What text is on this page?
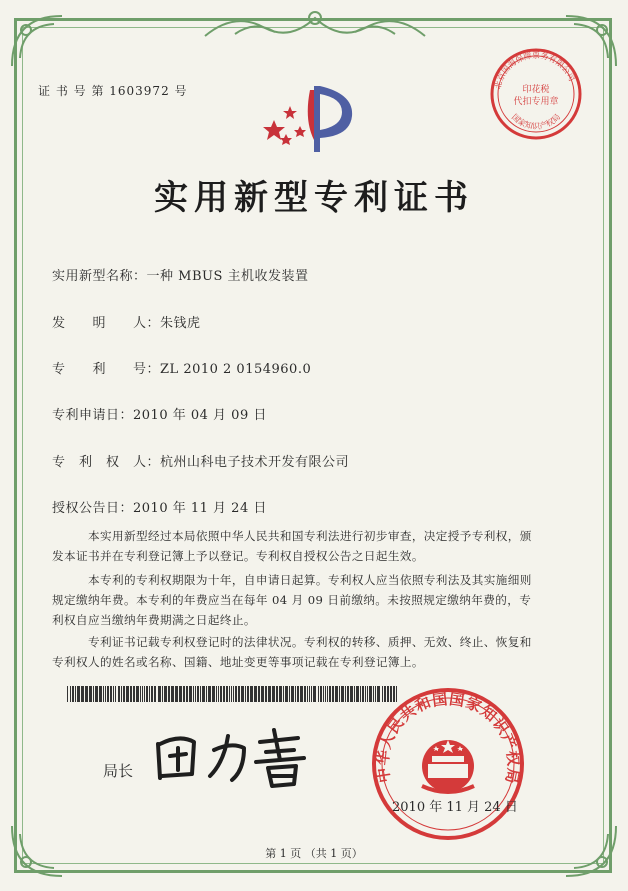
证 书 号 第 1603972 号	北京国海保障票务有限公司
印花税
代扣专用章
国家知识产权局
实用新型专利证书
实用新型名称：一种 MBUS 主机收发装置
发　　明　　人：朱钱虎
专　　利　　号：ZL 2010 2 0154960.0
专利申请日：2010 年 04 月 09 日
专　利　权　人：杭州山科电子技术开发有限公司
授权公告日：2010 年 11 月 24 日
　　　本实用新型经过本局依照中华人民共和国专利法进行初步审查，决定授予专利权，颁
发本证书并在专利登记簿上予以登记。专利权自授权公告之日起生效。
　　　本专利的专利权期限为十年，自申请日起算。专利权人应当依照专利法及其实施细则
规定缴纳年费。本专利的年费应当在每年 04 月 09 日前缴纳。未按照规定缴纳年费的，专
利权自应当缴纳年费期满之日起终止。
　　　专利证书记载专利权登记时的法律状况。专利权的转移、质押、无效、终止、恢复和
专利权人的姓名或名称、国籍、地址变更等事项记载在专利登记簿上。
中华人民共和国国家知识产权局
局长
2010 年 11 月 24 日
第 1 页 （共 1 页）
